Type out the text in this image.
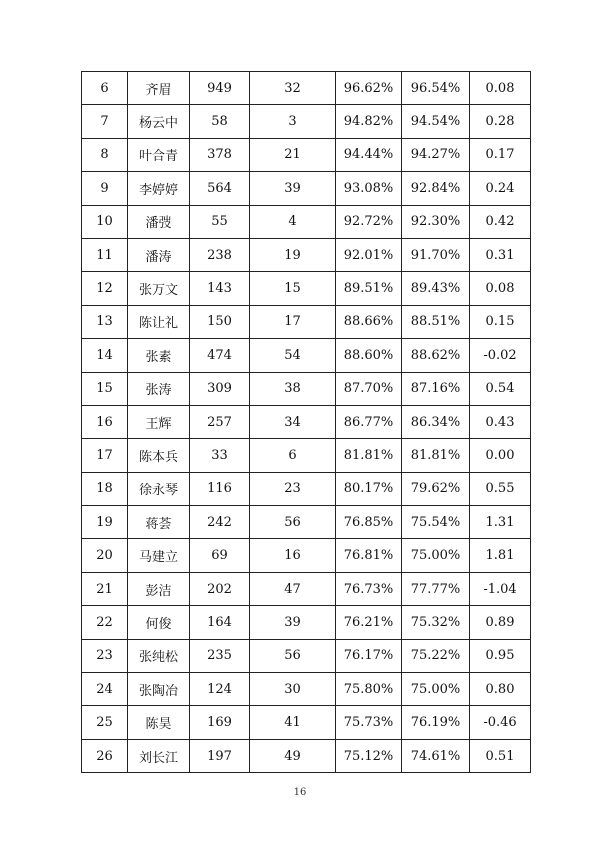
6	齐眉	949	32	96.62%	96.54%	0.08
7	杨云中	58	3	94.82%	94.54%	0.28
8	叶合青	378	21	94.44%	94.27%	0.17
9	李婷婷	564	39	93.08%	92.84%	0.24
10	潘弢	55	4	92.72%	92.30%	0.42
11	潘涛	238	19	92.01%	91.70%	0.31
12	张万文	143	15	89.51%	89.43%	0.08
13	陈让礼	150	17	88.66%	88.51%	0.15
14	张素	474	54	88.60%	88.62%	-0.02
15	张涛	309	38	87.70%	87.16%	0.54
16	王辉	257	34	86.77%	86.34%	0.43
17	陈本兵	33	6	81.81%	81.81%	0.00
18	徐永琴	116	23	80.17%	79.62%	0.55
19	蒋荟	242	56	76.85%	75.54%	1.31
20	马建立	69	16	76.81%	75.00%	1.81
21	彭洁	202	47	76.73%	77.77%	-1.04
22	何俊	164	39	76.21%	75.32%	0.89
23	张纯松	235	56	76.17%	75.22%	0.95
24	张陶冶	124	30	75.80%	75.00%	0.80
25	陈昊	169	41	75.73%	76.19%	-0.46
26	刘长江	197	49	75.12%	74.61%	0.51
16
